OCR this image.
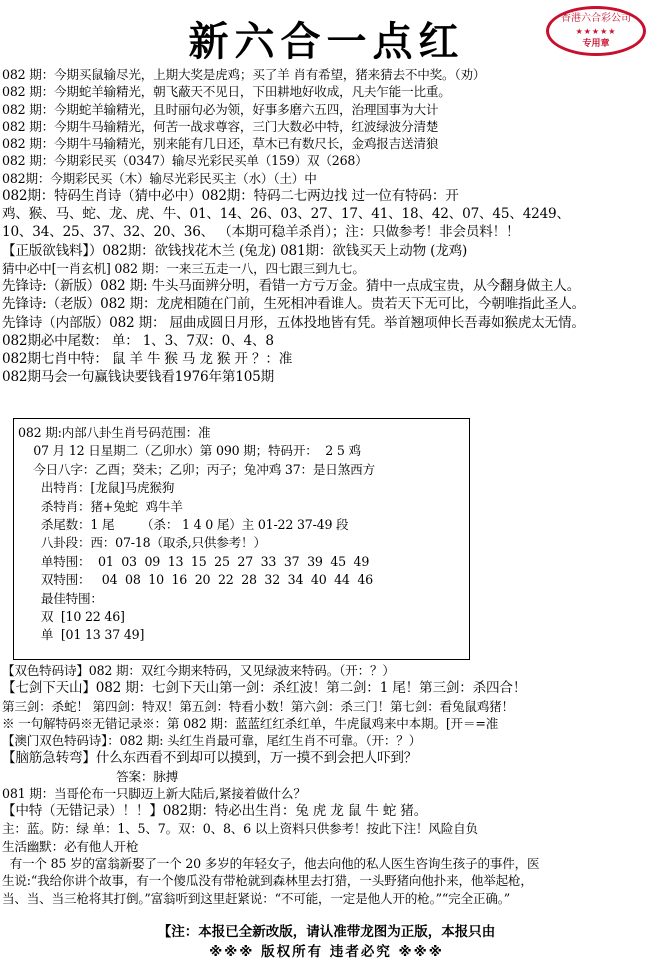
新六合一点红	香港六合彩公司
★★★★★
专用章
082 期：今期买鼠输尽光，上期大奖是虎鸡；买了羊 肖有希望，猪来猜去不中奖。（劝）
082 期：今期蛇羊输精光，朝飞蔽天不见日，下田耕地好收成，凡夫乍能一比重。
082 期：今期蛇羊输精光，且时丽句必为领，好事多磨六五四，治理国事为大计
082 期：今期牛马输精光，何苦一战求尊容，三门大数必中特，红波绿波分清楚
082 期：今期牛马输精光，别来能有几日还，草木已有数尺长，金鸡报吉送清狼
082 期：今期彩民买（0347）输尽光彩民买单（159）双（268）
082期：今期彩民买（木）输尽光彩民买主（水）（土）中
082期：特码生肖诗（猜中必中）082期：特码二七两边找 过一位有特码：开
鸡、猴、马、蛇、龙、虎、牛、01、14、26、03、27、17、41、18、42、07、45、4249、
10、34、25、37、32、20、36、 （本期可稳羊杀肖）；注：只做参考！非会员料！！
【正版欲钱料】）082期：欲钱找花木兰 (兔龙) 081期：欲钱买天上动物 (龙鸡)
猜中必中[一肖玄机] 082 期：一来三五走一八，四七跟三到九七。
先锋诗:（新版）082 期: 牛头马面辨分明，看错一方亏万金。猜中一点成宝贵，从今翻身做主人。
先锋诗:（老版）082 期：龙虎相随在门前，生死相冲看谁人。贵若天下无可比，今朝唯指此圣人。
先锋诗（内部版）082 期： 屈曲成圆日月形，五体投地皆有凭。举首翘项伸长吾毒如猴虎太无情。
082期必中尾数： 单： 1、3、7双：0、4、8
082期七肖中特： 鼠 羊 牛 猴 马 龙 猴 开 ？：准
082期马会一句赢钱诀要钱看1976年第105期
082 期:内部八卦生肖号码范围：准
07 月 12 日星期二（乙卯水）第 090 期；特码开：  2 5 鸡
今日八字：乙酉；癸未；乙卯；丙子；兔冲鸡 37：是日煞西方
出特肖：[龙鼠]马虎猴狗
杀特肖：猪+兔蛇  鸡牛羊
杀尾数：1 尾       （杀： 1 4 0 尾）主 01-22 37-49 段
八卦段：西：07-18（取杀,只供参考！）
单特围：  01  03  09  13  15  25  27  33  37  39  45  49
双特围：   04  08  10  16  20  22  28  32  34  40  44  46
最佳特围：
双  [10 22 46]
单  [01 13 37 49]
【双色特码诗】082 期：双红今期来特码，又见绿波来特码。（开：？）
【七剑下天山】082 期：七剑下天山第一剑：杀红波！第二剑：1 尾！第三剑：杀四合！
第三剑：杀蛇！ 第四剑：特双！第五剑：特看小数！第六剑：杀三门！第七剑：看兔鼠鸡猪！
※ 一句解特码※无错记录※：第 082 期：蓝蓝红红杀红单，牛虎鼠鸡来中本期。[开＝=准
【澳门双色特码诗】：082 期: 头红生肖最可靠，尾红生肖不可靠。（开：？）
【脑筋急转弯】什么东西看不到却可以摸到，万一摸不到会把人吓到？
答案：脉搏
081 期：当哥伦布一只脚迈上新大陆后,紧接着做什么？
【中特（无错记录）！！】082期：特必出生肖：兔 虎 龙 鼠 牛 蛇 猪。
主：蓝。防：绿 单：1、5、7。双：0、8、6 以上资料只供参考！按此下注！风险自负
生活幽默：必有他人开枪
有一个 85 岁的富翁新娶了一个 20 多岁的年轻女子，他去向他的私人医生咨询生孩子的事件，医
生说:“我给你讲个故事，有一个傻瓜没有带枪就到森林里去打猎，一头野猪向他扑来，他举起枪，
当、当、当三枪将其打倒。”富翁听到这里赶紧说：“不可能，一定是他人开的枪。”“完全正确。”
【注：本报已全新改版，请认准带龙图为正版，本报只由
※※※ 版权所有 违者必究 ※※※
